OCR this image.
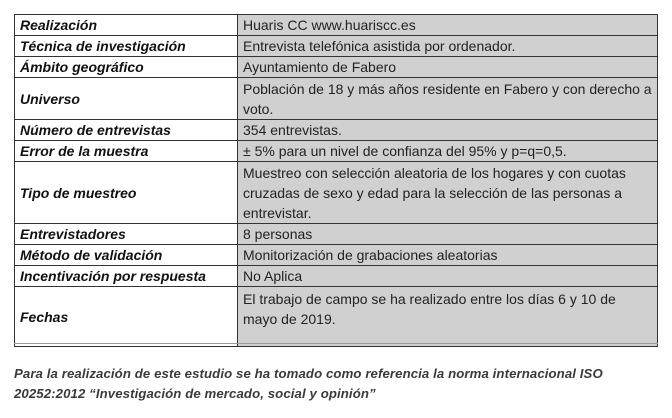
Realización	Huaris CC www.huariscc.es
Técnica de investigación	Entrevista telefónica asistida por ordenador.
Ámbito geográfico	Ayuntamiento de Fabero
Universo	Población de 18 y más años residente en Fabero y con derecho a voto.
Número de entrevistas	354 entrevistas.
Error de la muestra	± 5% para un nivel de confianza del 95% y p=q=0,5.
Tipo de muestreo	Muestreo con selección aleatoria de los hogares y con cuotas cruzadas de sexo y edad para la selección de las personas a entrevistar.
Entrevistadores	8 personas
Método de validación	Monitorización de grabaciones aleatorias
Incentivación por respuesta	No Aplica
Fechas	El trabajo de campo se ha realizado entre los días 6 y 10 de mayo de 2019.
Para la realización de este estudio se ha tomado como referencia la norma internacional ISO 20252:2012 “Investigación de mercado, social y opinión”
